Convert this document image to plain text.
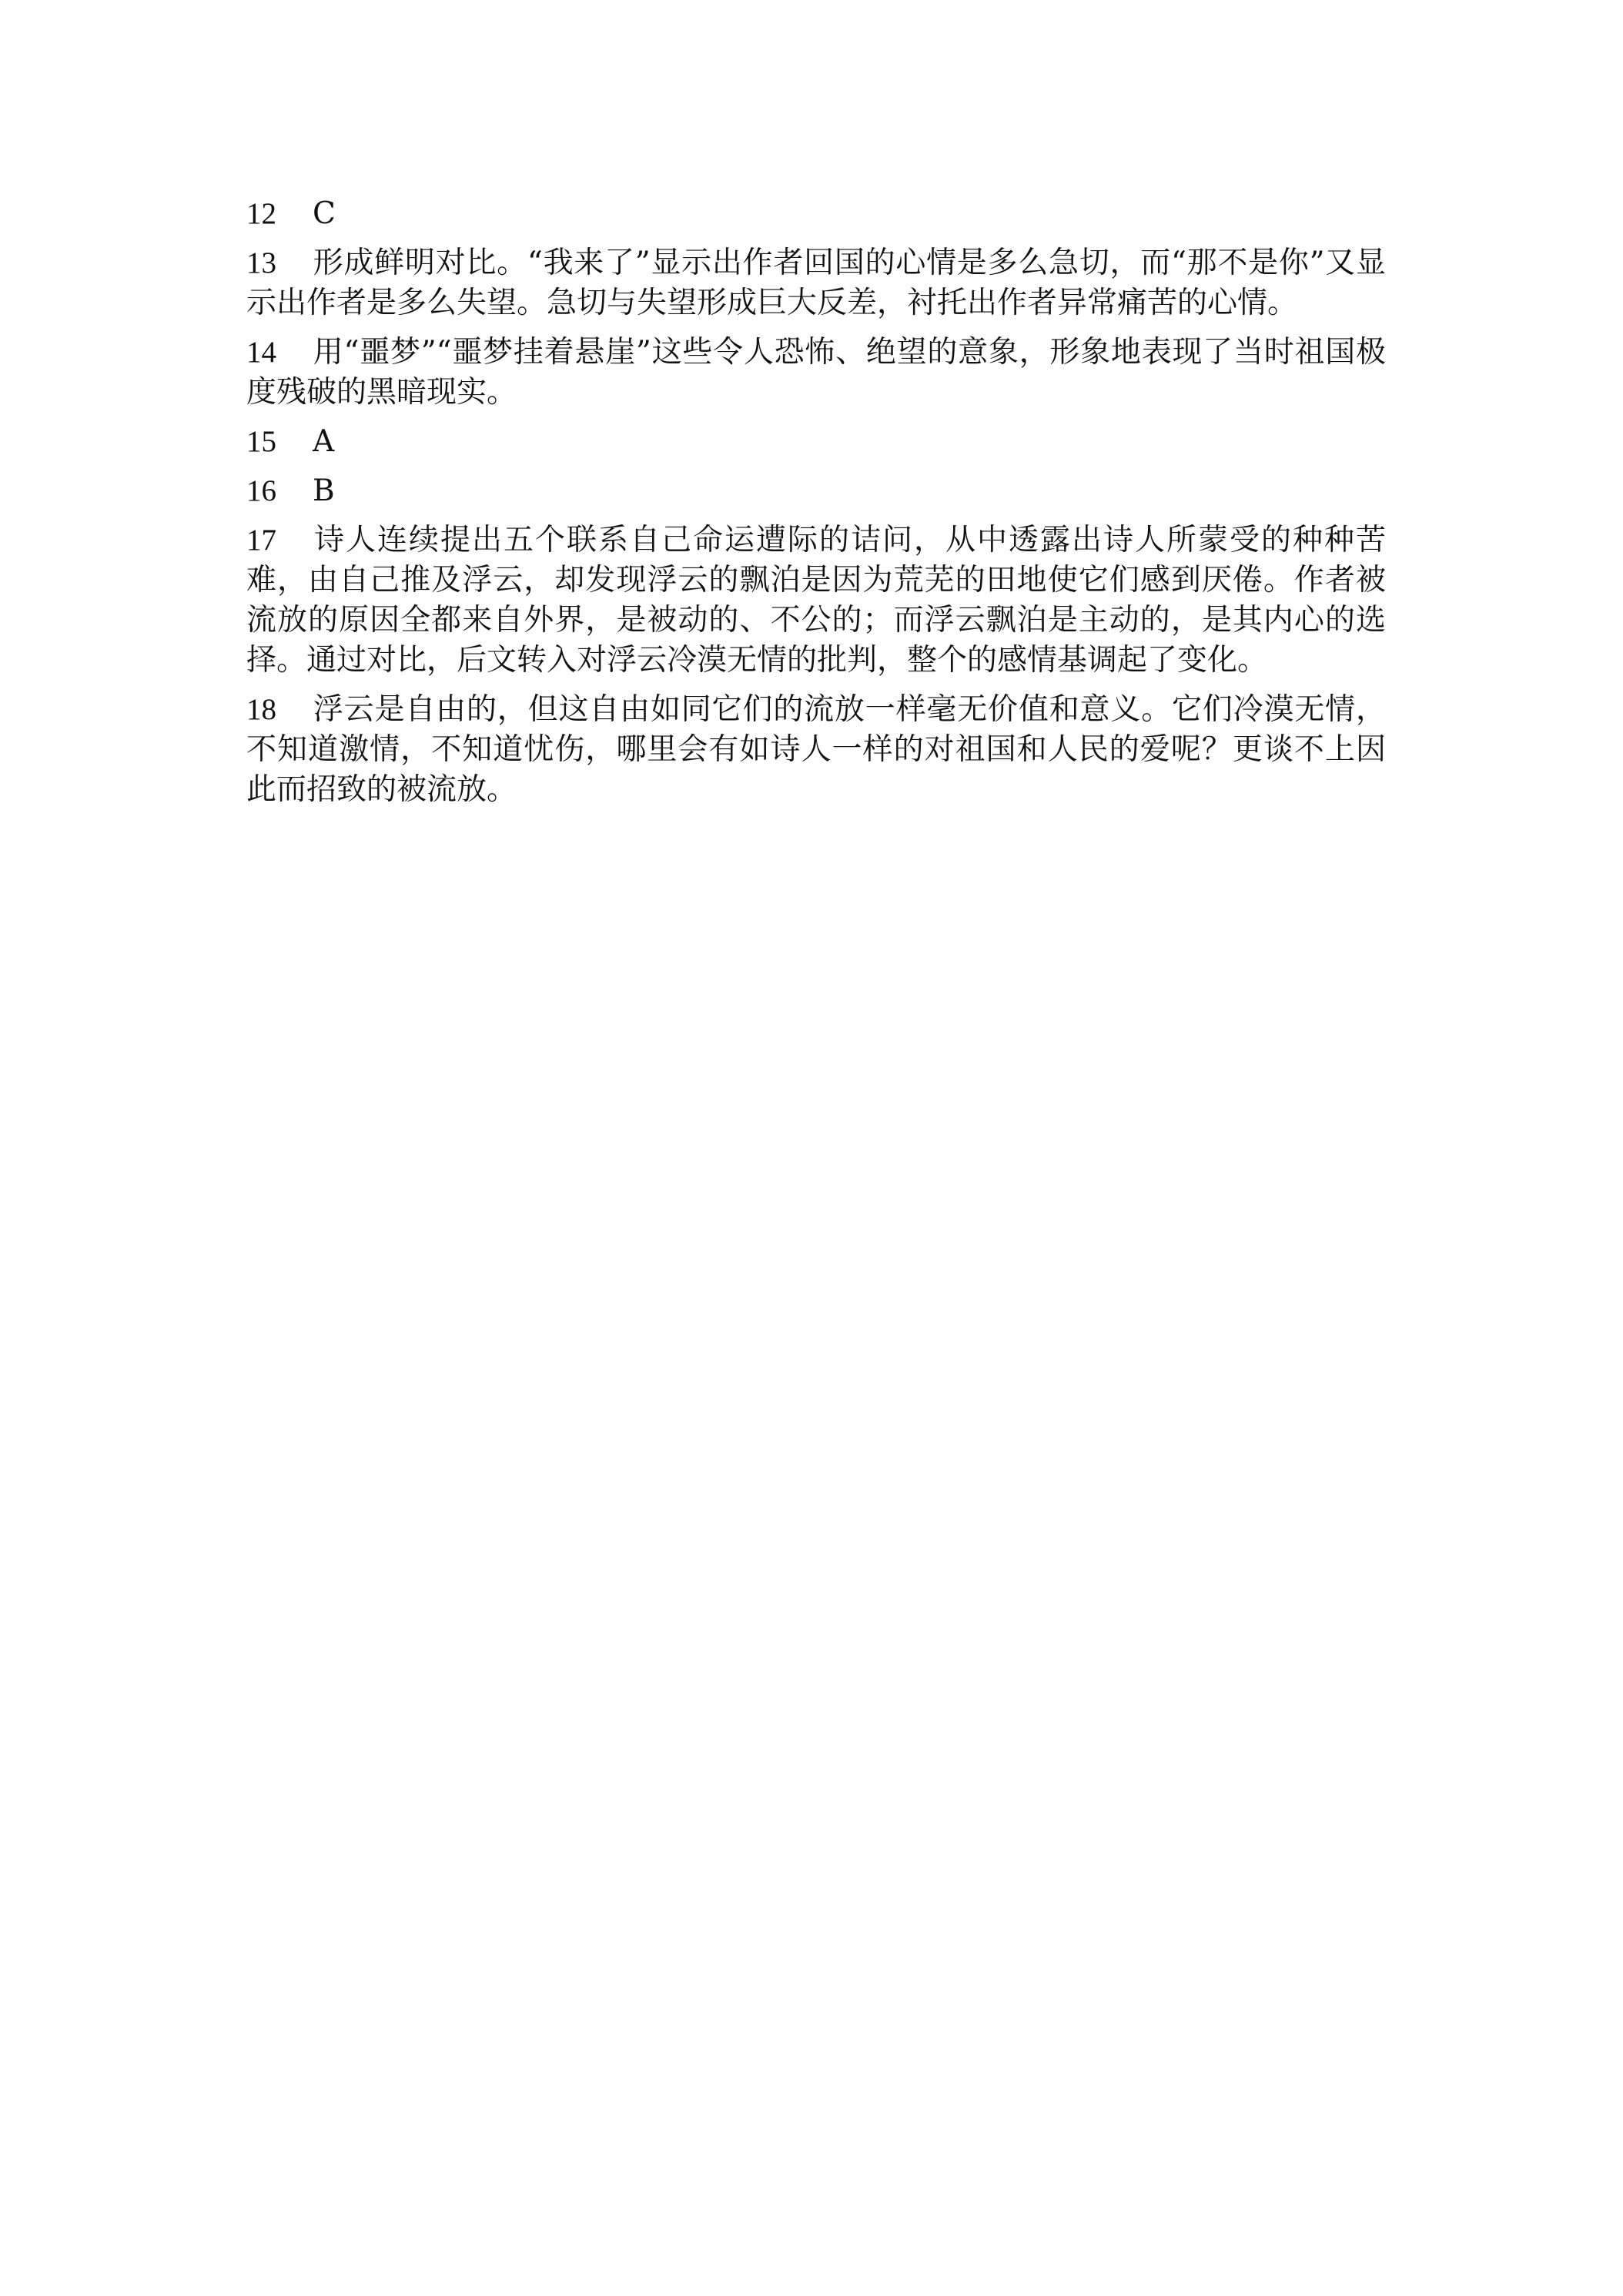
12 C

13 形成鲜明对比。“我来了”显示出作者回国的心情是多么急切，而“那不是你”又显示出作者是多么失望。急切与失望形成巨大反差，衬托出作者异常痛苦的心情。

14 用“噩梦”“噩梦挂着悬崖”这些令人恐怖、绝望的意象，形象地表现了当时祖国极度残破的黑暗现实。

15 A

16 B

17 诗人连续提出五个联系自己命运遭际的诘问，从中透露出诗人所蒙受的种种苦难，由自己推及浮云，却发现浮云的飘泊是因为荒芜的田地使它们感到厌倦。作者被流放的原因全都来自外界，是被动的、不公的；而浮云飘泊是主动的，是其内心的选择。通过对比，后文转入对浮云冷漠无情的批判，整个的感情基调起了变化。

18 浮云是自由的，但这自由如同它们的流放一样毫无价值和意义。它们冷漠无情，不知道激情，不知道忧伤，哪里会有如诗人一样的对祖国和人民的爱呢？更谈不上因此而招致的被流放。
